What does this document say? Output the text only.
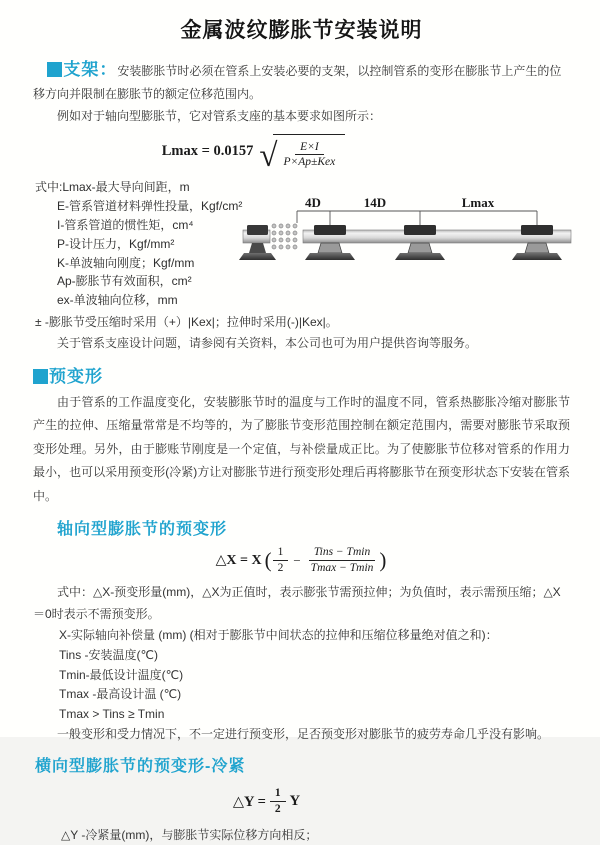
金属波纹膨胀节安装说明
支架：安装膨胀节时必须在管系上安装必要的支架，以控制管系的变形在膨胀节上产生的位移方向并限制在膨胀节的额定位移范围内。
例如对于轴向型膨胀节，它对管系支座的基本要求如图所示：
Lmax = 0.0157 √ $\frac{E\times I}{\text{P×Ap±Kex}}$
式中:Lmax-最大导向间距，m
E-管系管道材料弹性投量，Kgf/cm²
I-管系管道的惯性矩，cm⁴
P-设计压力，Kgf/mm²
K-单波轴向刚度；Kgf/mm
Ap-膨胀节有效面积，cm²
ex-单波轴向位移，mm
± -膨胀节受压缩时采用（+）|Kex|；拉伸时采用(-)|Kex|。
关于管系支座设计问题，请参阅有关资料，本公司也可为用户提供咨询等服务。
预变形
由于管系的工作温度变化，安装膨胀节时的温度与工作时的温度不同，管系热膨胀冷缩对膨胀节产生的拉伸、压缩量常常是不均等的，为了膨胀节变形范围控制在额定范围内，需要对膨胀节采取预变形处理。另外，由于膨账节刚度是一个定值，与补偿量成正比。为了使膨胀节位移对管系的作用力最小，也可以采用预变形(冷紧)方让对膨胀节进行预变形处理后再将膨胀节在预变形状态下安装在管系中。
轴向型膨胀节的预变形
△X = X ( $\frac{1}{2} - \frac{\text{Tins − Tmin}}{Tmax - Tmin}$ )
式中：△X-预变形量(mm)，△X为正值时，表示膨张节需预拉伸；为负值时，表示需预压缩；△X＝0时表示不需预变形。
X-实际轴向补偿量 (mm) (相对于膨胀节中间状态的拉伸和压缩位移量绝对值之和)：
Tins -安装温度(℃)
Tmin-最低设计温度(℃)
Tmax -最高设计温 (℃)
Tmax > Tins ≥ Tmin
一般变形和受力情况下，不一定进行预变形，足否预变形对膨胀节的疲劳寿命几乎没有影响。
横向型膨胀节的预变形-冷紧
△Y = $\frac{1}{2}$ Y
△Y -冷紧量(mm)，与膨胀节实际位移方向相反；
4D	14D	Lmax
